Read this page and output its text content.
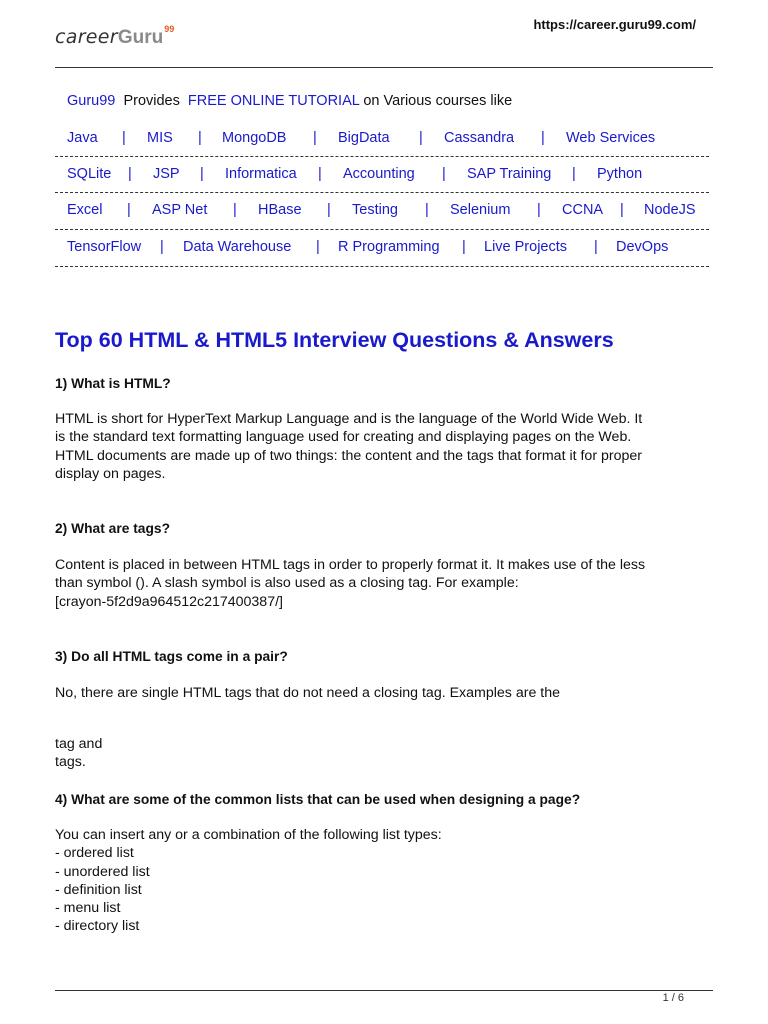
careerGuru$^{99}$	https://career.guru99.com/
Guru99 Provides FREE ONLINE TUTORIAL on Various courses like
Java | MIS | MongoDB | BigData | Cassandra | Web Services
SQLite | JSP | Informatica | Accounting | SAP Training | Python
Excel | ASP Net | HBase | Testing | Selenium | CCNA | NodeJS
TensorFlow | Data Warehouse | R Programming | Live Projects | DevOps
Top 60 HTML & HTML5 Interview Questions & Answers
1) What is HTML?
HTML is short for HyperText Markup Language and is the language of the World Wide Web. It
is the standard text formatting language used for creating and displaying pages on the Web.
HTML documents are made up of two things: the content and the tags that format it for proper
display on pages.
2) What are tags?
Content is placed in between HTML tags in order to properly format it. It makes use of the less
than symbol (). A slash symbol is also used as a closing tag. For example:
[crayon-5f2d9a964512c217400387/]
3) Do all HTML tags come in a pair?
No, there are single HTML tags that do not need a closing tag. Examples are the
tag and
tags.
4) What are some of the common lists that can be used when designing a page?
You can insert any or a combination of the following list types:
- ordered list
- unordered list
- definition list
- menu list
- directory list
1 / 6
